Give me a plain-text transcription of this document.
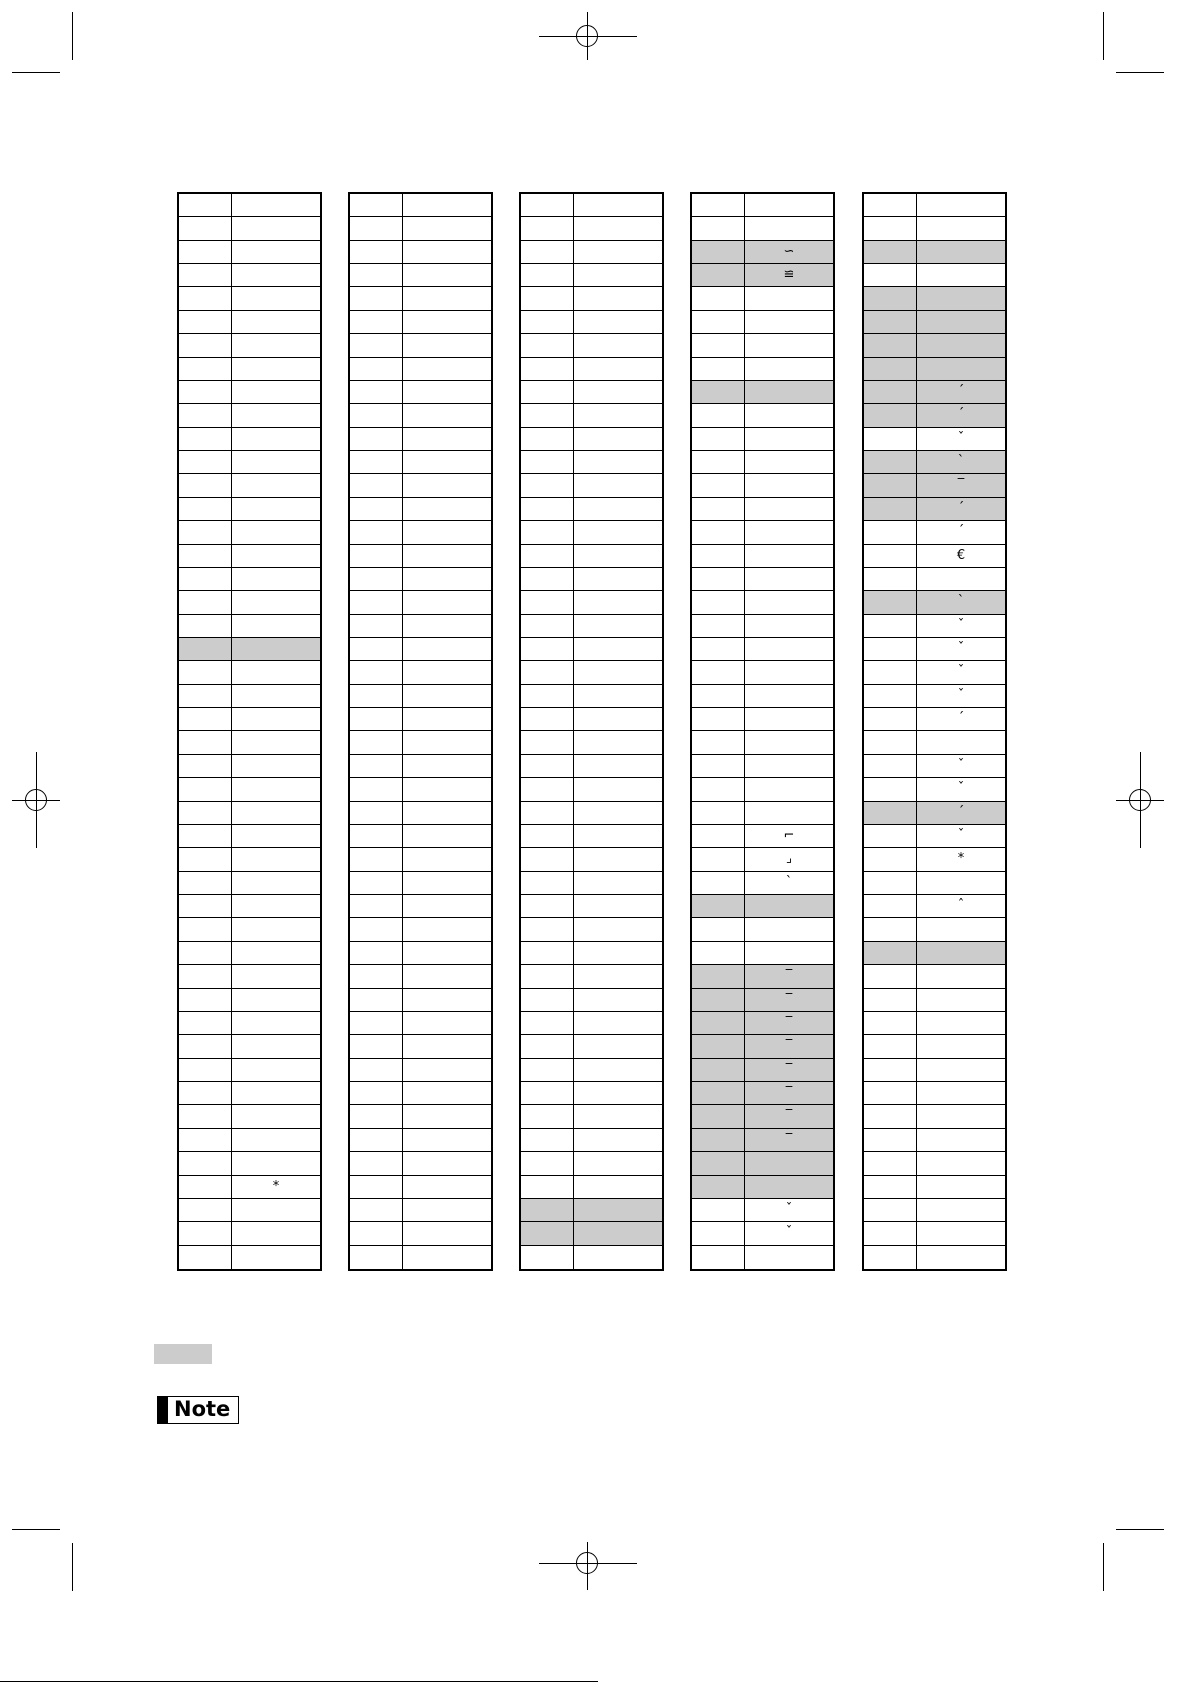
*
∽
≌
⌐
⌟
ˋ
‾
‾
‾
‾
‾
‾
‾
‾
ˇ
ˇ
ˊ
ˊ
ˇ
ˋ
‾
ˊ
ˊ
€
ˋ
ˇ
ˇ
ˇ
ˇ
ˊ
ˇ
ˇ
ˊ
ˇ
*
ˆ
Note
